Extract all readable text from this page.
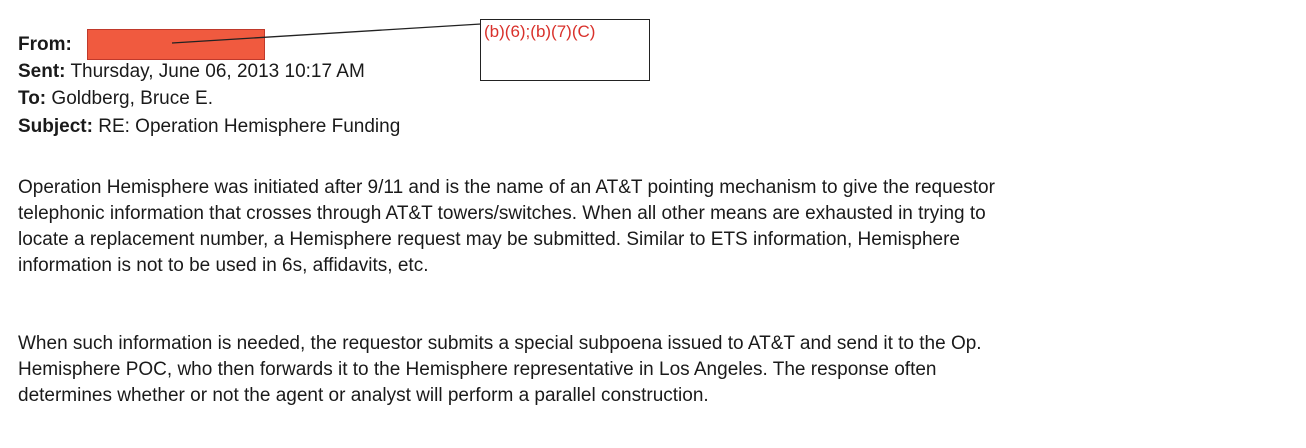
From:
(b)(6);(b)(7)(C)
Sent: Thursday, June 06, 2013 10:17 AM
To: Goldberg, Bruce E.
Subject: RE: Operation Hemisphere Funding
Operation Hemisphere was initiated after 9/11 and is the name of an AT&T pointing mechanism to give the requestor
telephonic information that crosses through AT&T towers/switches. When all other means are exhausted in trying to
locate a replacement number, a Hemisphere request may be submitted. Similar to ETS information, Hemisphere
information is not to be used in 6s, affidavits, etc.
When such information is needed, the requestor submits a special subpoena issued to AT&T and send it to the Op.
Hemisphere POC, who then forwards it to the Hemisphere representative in Los Angeles. The response often
determines whether or not the agent or analyst will perform a parallel construction.
